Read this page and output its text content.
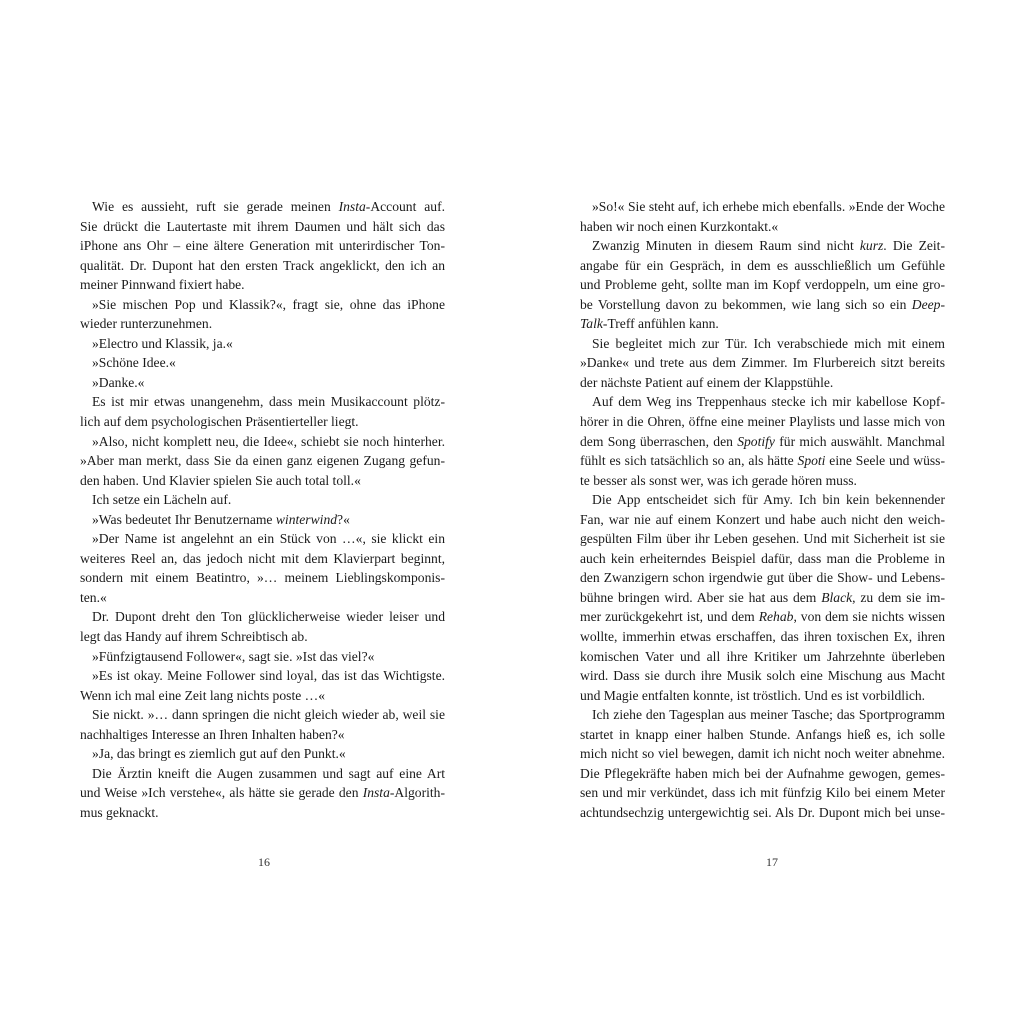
Wie es aussieht, ruft sie gerade meinen Insta-Account auf.
Sie drückt die Lautertaste mit ihrem Daumen und hält sich das
iPhone ans Ohr – eine ältere Generation mit unterirdischer Ton-
qualität. Dr. Dupont hat den ersten Track angeklickt, den ich an
meiner Pinnwand fixiert habe.
»Sie mischen Pop und Klassik?«, fragt sie, ohne das iPhone
wieder runterzunehmen.
»Electro und Klassik, ja.«
»Schöne Idee.«
»Danke.«
Es ist mir etwas unangenehm, dass mein Musikaccount plötz-
lich auf dem psychologischen Präsentierteller liegt.
»Also, nicht komplett neu, die Idee«, schiebt sie noch hinterher.
»Aber man merkt, dass Sie da einen ganz eigenen Zugang gefun-
den haben. Und Klavier spielen Sie auch total toll.«
Ich setze ein Lächeln auf.
»Was bedeutet Ihr Benutzername winterwind?«
»Der Name ist angelehnt an ein Stück von …«, sie klickt ein
weiteres Reel an, das jedoch nicht mit dem Klavierpart beginnt,
sondern mit einem Beatintro, »… meinem Lieblingskomponis-
ten.«
Dr. Dupont dreht den Ton glücklicherweise wieder leiser und
legt das Handy auf ihrem Schreibtisch ab.
»Fünfzigtausend Follower«, sagt sie. »Ist das viel?«
»Es ist okay. Meine Follower sind loyal, das ist das Wichtigste.
Wenn ich mal eine Zeit lang nichts poste …«
Sie nickt. »… dann springen die nicht gleich wieder ab, weil sie
nachhaltiges Interesse an Ihren Inhalten haben?«
»Ja, das bringt es ziemlich gut auf den Punkt.«
Die Ärztin kneift die Augen zusammen und sagt auf eine Art
und Weise »Ich verstehe«, als hätte sie gerade den Insta-Algorith-
mus geknackt.
»So!« Sie steht auf, ich erhebe mich ebenfalls. »Ende der Woche
haben wir noch einen Kurzkontakt.«
Zwanzig Minuten in diesem Raum sind nicht kurz. Die Zeit-
angabe für ein Gespräch, in dem es ausschließlich um Gefühle
und Probleme geht, sollte man im Kopf verdoppeln, um eine gro-
be Vorstellung davon zu bekommen, wie lang sich so ein Deep-
Talk-Treff anfühlen kann.
Sie begleitet mich zur Tür. Ich verabschiede mich mit einem
»Danke« und trete aus dem Zimmer. Im Flurbereich sitzt bereits
der nächste Patient auf einem der Klappstühle.
Auf dem Weg ins Treppenhaus stecke ich mir kabellose Kopf-
hörer in die Ohren, öffne eine meiner Playlists und lasse mich von
dem Song überraschen, den Spotify für mich auswählt. Manchmal
fühlt es sich tatsächlich so an, als hätte Spoti eine Seele und wüss-
te besser als sonst wer, was ich gerade hören muss.
Die App entscheidet sich für Amy. Ich bin kein bekennender
Fan, war nie auf einem Konzert und habe auch nicht den weich-
gespülten Film über ihr Leben gesehen. Und mit Sicherheit ist sie
auch kein erheiterndes Beispiel dafür, dass man die Probleme in
den Zwanzigern schon irgendwie gut über die Show- und Lebens-
bühne bringen wird. Aber sie hat aus dem Black, zu dem sie im-
mer zurückgekehrt ist, und dem Rehab, von dem sie nichts wissen
wollte, immerhin etwas erschaffen, das ihren toxischen Ex, ihren
komischen Vater und all ihre Kritiker um Jahrzehnte überleben
wird. Dass sie durch ihre Musik solch eine Mischung aus Macht
und Magie entfalten konnte, ist tröstlich. Und es ist vorbildlich.
Ich ziehe den Tagesplan aus meiner Tasche; das Sportprogramm
startet in knapp einer halben Stunde. Anfangs hieß es, ich solle
mich nicht so viel bewegen, damit ich nicht noch weiter abnehme.
Die Pflegekräfte haben mich bei der Aufnahme gewogen, gemes-
sen und mir verkündet, dass ich mit fünfzig Kilo bei einem Meter
achtundsechzig untergewichtig sei. Als Dr. Dupont mich bei unse-
16	17
